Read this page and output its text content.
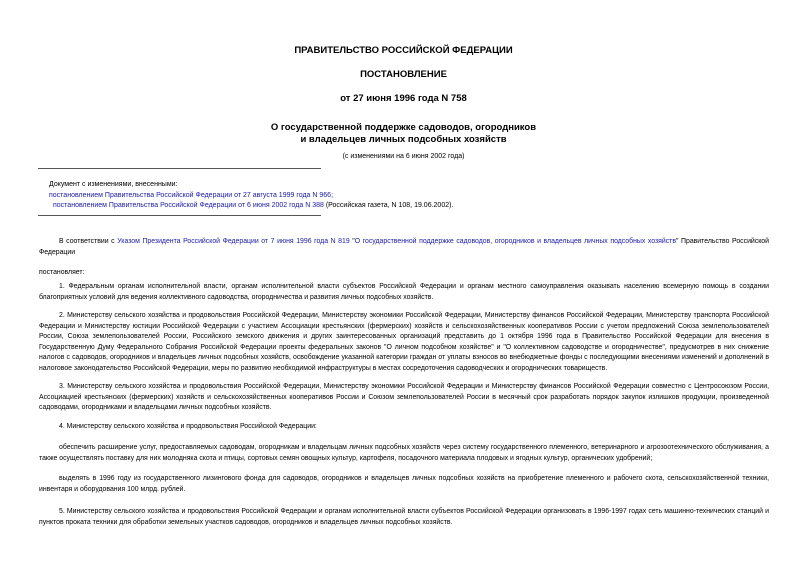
ПРАВИТЕЛЬСТВО РОССИЙСКОЙ ФЕДЕРАЦИИ
ПОСТАНОВЛЕНИЕ
от 27 июня 1996 года N 758
О государственной поддержке садоводов, огородников
и владельцев личных подсобных хозяйств
(с изменениями на 6 июня 2002 года)
Документ с изменениями, внесенными:
постановлением Правительства Российской Федерации от 27 августа 1999 года N 966;
постановлением Правительства Российской Федерации от 6 июня 2002 года N 388 (Российская газета, N 108, 19.06.2002).
В соответствии с Указом Президента Российской Федерации от 7 июня 1996 года N 819 "О государственной поддержке садоводов, огородников и владельцев личных подсобных хозяйств" Правительство Российской Федерации
постановляет:
1. Федеральным органам исполнительной власти, органам исполнительной власти субъектов Российской Федерации и органам местного самоуправления оказывать населению всемерную помощь в создании благоприятных условий для ведения коллективного садоводства, огородничества и развития личных подсобных хозяйств.
2. Министерству сельского хозяйства и продовольствия Российской Федерации, Министерству экономики Российской Федерации, Министерству финансов Российской Федерации, Министерству транспорта Российской Федерации и Министерству юстиции Российской Федерации с участием Ассоциации крестьянских (фермерских) хозяйств и сельскохозяйственных кооперативов России с учетом предложений Союза землепользователей России, Союза землепользователей России, Российского земского движения и других заинтересованных организаций представить до 1 октября 1996 года в Правительство Российской Федерации для внесения в Государственную Думу Федерального Собрания Российской Федерации проекты федеральных законов "О личном подсобном хозяйстве" и "О коллективном садоводстве и огородничестве", предусмотрев в них снижение налогов с садоводов, огородников и владельцев личных подсобных хозяйств, освобождение указанной категории граждан от уплаты взносов во внебюджетные фонды с последующими внесениями изменений и дополнений в налоговое законодательство Российской Федерации, меры по развитию необходимой инфраструктуры в местах сосредоточения садоводческих и огороднических товариществ.
3. Министерству сельского хозяйства и продовольствия Российской Федерации, Министерству экономики Российской Федерации и Министерству финансов Российской Федерации совместно с Центросоюзом России, Ассоциацией крестьянских (фермерских) хозяйств и сельскохозяйственных кооперативов России и Союзом землепользователей России в месячный срок разработать порядок закупок излишков продукции, произведенной садоводами, огородниками и владельцами личных подсобных хозяйств.
4. Министерству сельского хозяйства и продовольствия Российской Федерации:
обеспечить расширение услуг, предоставляемых садоводам, огородникам и владельцам личных подсобных хозяйств через систему государственного племенного, ветеринарного и агрозоотехнического обслуживания, а также осуществлять поставку для них молодняка скота и птицы, сортовых семян овощных культур, картофеля, посадочного материала плодовых и ягодных культур, органических удобрений;
выделять в 1996 году из государственного лизингового фонда для садоводов, огородников и владельцев личных подсобных хозяйств на приобретение племенного и рабочего скота, сельскохозяйственной техники, инвентаря и оборудования 100 млрд. рублей.
5. Министерству сельского хозяйства и продовольствия Российской Федерации и органам исполнительной власти субъектов Российской Федерации организовать в 1996-1997 годах сеть машинно-технических станций и пунктов проката техники для обработки земельных участков садоводов, огородников и владельцев личных подсобных хозяйств.
